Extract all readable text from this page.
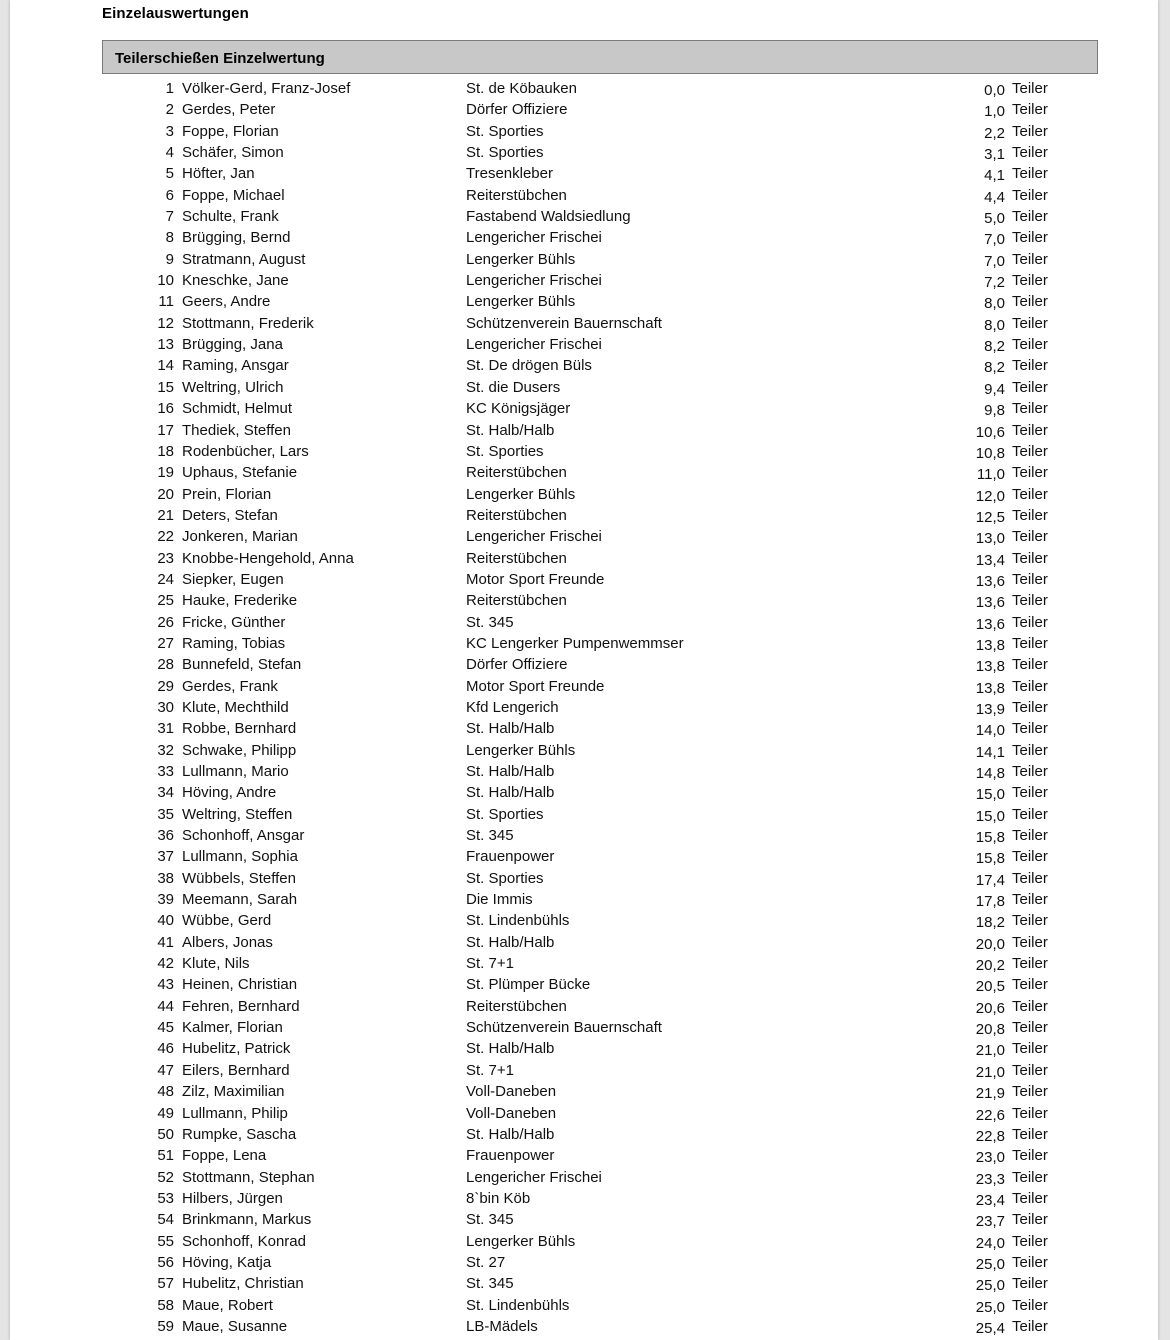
Einzelauswertungen
Teilerschießen Einzelwertung
1 Völker-Gerd, Franz-Josef	St. de Köbauken	0,0 Teiler
2 Gerdes, Peter	Dörfer Offiziere	1,0 Teiler
3 Foppe, Florian	St. Sporties	2,2 Teiler
4 Schäfer, Simon	St. Sporties	3,1 Teiler
5 Höfter, Jan	Tresenkleber	4,1 Teiler
6 Foppe, Michael	Reiterstübchen	4,4 Teiler
7 Schulte, Frank	Fastabend Waldsiedlung	5,0 Teiler
8 Brügging, Bernd	Lengericher Frischei	7,0 Teiler
9 Stratmann, August	Lengerker Bühls	7,0 Teiler
10 Kneschke, Jane	Lengericher Frischei	7,2 Teiler
11 Geers, Andre	Lengerker Bühls	8,0 Teiler
12 Stottmann, Frederik	Schützenverein Bauernschaft	8,0 Teiler
13 Brügging, Jana	Lengericher Frischei	8,2 Teiler
14 Raming, Ansgar	St. De drögen Büls	8,2 Teiler
15 Weltring, Ulrich	St. die Dusers	9,4 Teiler
16 Schmidt, Helmut	KC Königsjäger	9,8 Teiler
17 Thediek, Steffen	St. Halb/Halb	10,6 Teiler
18 Rodenbücher, Lars	St. Sporties	10,8 Teiler
19 Uphaus, Stefanie	Reiterstübchen	11,0 Teiler
20 Prein, Florian	Lengerker Bühls	12,0 Teiler
21 Deters, Stefan	Reiterstübchen	12,5 Teiler
22 Jonkeren, Marian	Lengericher Frischei	13,0 Teiler
23 Knobbe-Hengehold, Anna	Reiterstübchen	13,4 Teiler
24 Siepker, Eugen	Motor Sport Freunde	13,6 Teiler
25 Hauke, Frederike	Reiterstübchen	13,6 Teiler
26 Fricke, Günther	St. 345	13,6 Teiler
27 Raming, Tobias	KC Lengerker Pumpenwemmser	13,8 Teiler
28 Bunnefeld, Stefan	Dörfer Offiziere	13,8 Teiler
29 Gerdes, Frank	Motor Sport Freunde	13,8 Teiler
30 Klute, Mechthild	Kfd Lengerich	13,9 Teiler
31 Robbe, Bernhard	St. Halb/Halb	14,0 Teiler
32 Schwake, Philipp	Lengerker Bühls	14,1 Teiler
33 Lullmann, Mario	St. Halb/Halb	14,8 Teiler
34 Höving, Andre	St. Halb/Halb	15,0 Teiler
35 Weltring, Steffen	St. Sporties	15,0 Teiler
36 Schonhoff, Ansgar	St. 345	15,8 Teiler
37 Lullmann, Sophia	Frauenpower	15,8 Teiler
38 Wübbels, Steffen	St. Sporties	17,4 Teiler
39 Meemann, Sarah	Die Immis	17,8 Teiler
40 Wübbe, Gerd	St. Lindenbühls	18,2 Teiler
41 Albers, Jonas	St. Halb/Halb	20,0 Teiler
42 Klute, Nils	St. 7+1	20,2 Teiler
43 Heinen, Christian	St. Plümper Bücke	20,5 Teiler
44 Fehren, Bernhard	Reiterstübchen	20,6 Teiler
45 Kalmer, Florian	Schützenverein Bauernschaft	20,8 Teiler
46 Hubelitz, Patrick	St. Halb/Halb	21,0 Teiler
47 Eilers, Bernhard	St. 7+1	21,0 Teiler
48 Zilz, Maximilian	Voll-Daneben	21,9 Teiler
49 Lullmann, Philip	Voll-Daneben	22,6 Teiler
50 Rumpke, Sascha	St. Halb/Halb	22,8 Teiler
51 Foppe, Lena	Frauenpower	23,0 Teiler
52 Stottmann, Stephan	Lengericher Frischei	23,3 Teiler
53 Hilbers, Jürgen	8`bin Köb	23,4 Teiler
54 Brinkmann, Markus	St. 345	23,7 Teiler
55 Schonhoff, Konrad	Lengerker Bühls	24,0 Teiler
56 Höving, Katja	St. 27	25,0 Teiler
57 Hubelitz, Christian	St. 345	25,0 Teiler
58 Maue, Robert	St. Lindenbühls	25,0 Teiler
59 Maue, Susanne	LB-Mädels	25,4 Teiler
